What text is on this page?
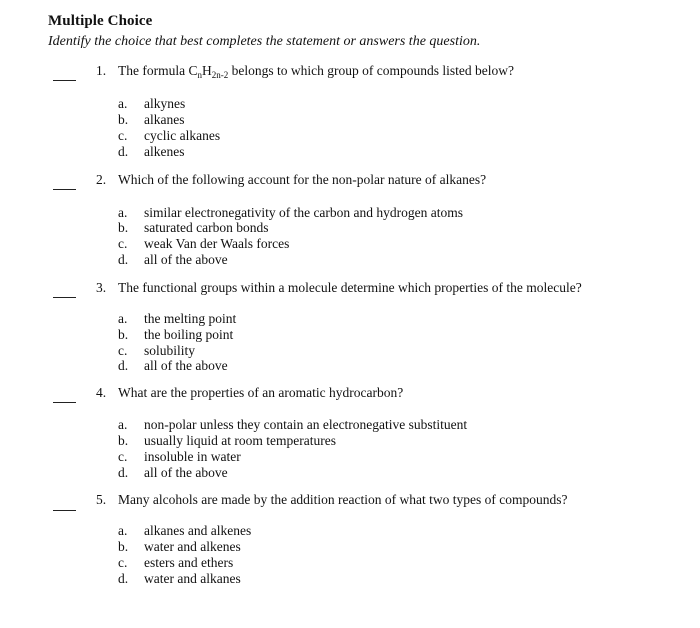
Multiple Choice
Identify the choice that best completes the statement or answers the question.
1. The formula $C_nH_{2n-2}$ belongs to which group of compounds listed below?
a.	alkynes
b.	alkanes
c.	cyclic alkanes
d.	alkenes
2. Which of the following account for the non-polar nature of alkanes?
a.	similar electronegativity of the carbon and hydrogen atoms
b.	saturated carbon bonds
c.	weak Van der Waals forces
d.	all of the above
3. The functional groups within a molecule determine which properties of the molecule?
a.	the melting point
b.	the boiling point
c.	solubility
d.	all of the above
4. What are the properties of an aromatic hydrocarbon?
a.	non-polar unless they contain an electronegative substituent
b.	usually liquid at room temperatures
c.	insoluble in water
d.	all of the above
5. Many alcohols are made by the addition reaction of what two types of compounds?
a.	alkanes and alkenes
b.	water and alkenes
c.	esters and ethers
d.	water and alkanes
